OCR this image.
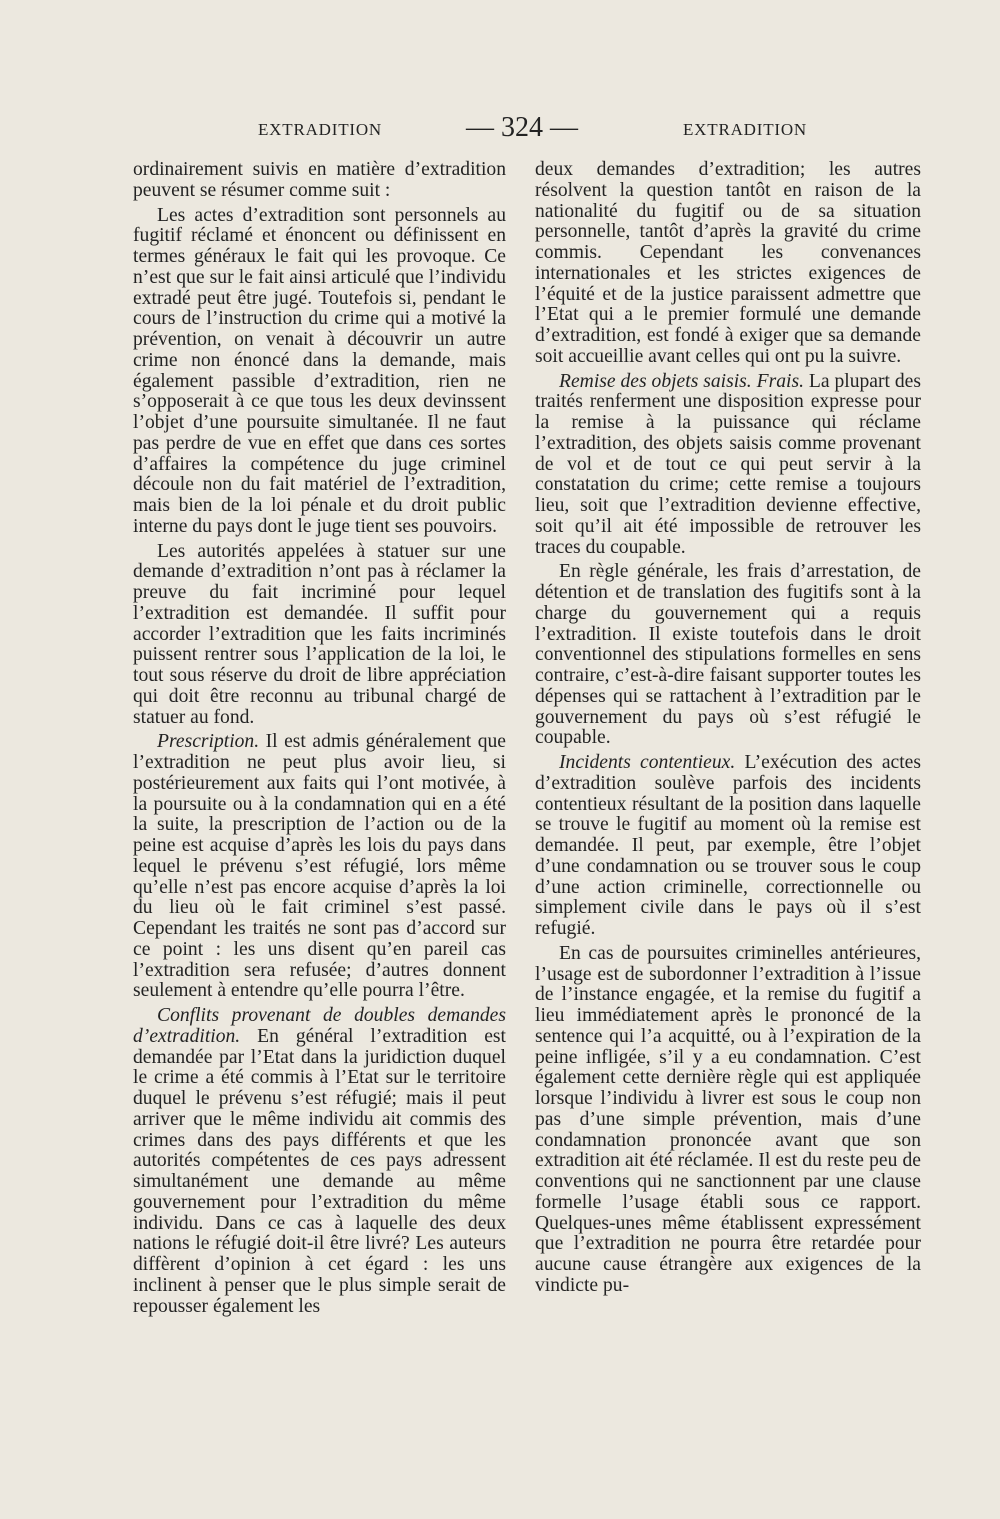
EXTRADITION	— 324 —	EXTRADITION

ordinairement suivis en matière d’extradition peuvent se résumer comme suit :

Les actes d’extradition sont personnels au fugitif réclamé et énoncent ou définissent en termes généraux le fait qui les provoque. Ce n’est que sur le fait ainsi articulé que l’individu extradé peut être jugé. Toutefois si, pendant le cours de l’instruction du crime qui a motivé la prévention, on venait à découvrir un autre crime non énoncé dans la demande, mais également passible d’extradition, rien ne s’opposerait à ce que tous les deux devinssent l’objet d’une poursuite simultanée. Il ne faut pas perdre de vue en effet que dans ces sortes d’affaires la compétence du juge criminel découle non du fait matériel de l’extradition, mais bien de la loi pénale et du droit public interne du pays dont le juge tient ses pouvoirs.

Les autorités appelées à statuer sur une demande d’extradition n’ont pas à réclamer la preuve du fait incriminé pour lequel l’extradition est demandée. Il suffit pour accorder l’extradition que les faits incriminés puissent rentrer sous l’application de la loi, le tout sous réserve du droit de libre appréciation qui doit être reconnu au tribunal chargé de statuer au fond.

Prescription. Il est admis généralement que l’extradition ne peut plus avoir lieu, si postérieurement aux faits qui l’ont motivée, à la poursuite ou à la condamnation qui en a été la suite, la prescription de l’action ou de la peine est acquise d’après les lois du pays dans lequel le prévenu s’est réfugié, lors même qu’elle n’est pas encore acquise d’après la loi du lieu où le fait criminel s’est passé. Cependant les traités ne sont pas d’accord sur ce point : les uns disent qu’en pareil cas l’extradition sera refusée; d’autres donnent seulement à entendre qu’elle pourra l’être.

Conflits provenant de doubles demandes d’extradition. En général l’extradition est demandée par l’Etat dans la juridiction duquel le crime a été commis à l’Etat sur le territoire duquel le prévenu s’est réfugié; mais il peut arriver que le même individu ait commis des crimes dans des pays différents et que les autorités compétentes de ces pays adressent simultanément une demande au même gouvernement pour l’extradition du même individu. Dans ce cas à laquelle des deux nations le réfugié doit-il être livré? Les auteurs diffèrent d’opinion à cet égard : les uns inclinent à penser que le plus simple serait de repousser également les

deux demandes d’extradition; les autres résolvent la question tantôt en raison de la nationalité du fugitif ou de sa situation personnelle, tantôt d’après la gravité du crime commis. Cependant les convenances internationales et les strictes exigences de l’équité et de la justice paraissent admettre que l’Etat qui a le premier formulé une demande d’extradition, est fondé à exiger que sa demande soit accueillie avant celles qui ont pu la suivre.

Remise des objets saisis. Frais. La plupart des traités renferment une disposition expresse pour la remise à la puissance qui réclame l’extradition, des objets saisis comme provenant de vol et de tout ce qui peut servir à la constatation du crime; cette remise a toujours lieu, soit que l’extradition devienne effective, soit qu’il ait été impossible de retrouver les traces du coupable.

En règle générale, les frais d’arrestation, de détention et de translation des fugitifs sont à la charge du gouvernement qui a requis l’extradition. Il existe toutefois dans le droit conventionnel des stipulations formelles en sens contraire, c’est-à-dire faisant supporter toutes les dépenses qui se rattachent à l’extradition par le gouvernement du pays où s’est réfugié le coupable.

Incidents contentieux. L’exécution des actes d’extradition soulève parfois des incidents contentieux résultant de la position dans laquelle se trouve le fugitif au moment où la remise est demandée. Il peut, par exemple, être l’objet d’une condamnation ou se trouver sous le coup d’une action criminelle, correctionnelle ou simplement civile dans le pays où il s’est refugié.

En cas de poursuites criminelles antérieures, l’usage est de subordonner l’extradition à l’issue de l’instance engagée, et la remise du fugitif a lieu immédiatement après le prononcé de la sentence qui l’a acquitté, ou à l’expiration de la peine infligée, s’il y a eu condamnation. C’est également cette dernière règle qui est appliquée lorsque l’individu à livrer est sous le coup non pas d’une simple prévention, mais d’une condamnation prononcée avant que son extradition ait été réclamée. Il est du reste peu de conventions qui ne sanctionnent par une clause formelle l’usage établi sous ce rapport. Quelques-unes même établissent expressément que l’extradition ne pourra être retardée pour aucune cause étrangère aux exigences de la vindicte pu-
